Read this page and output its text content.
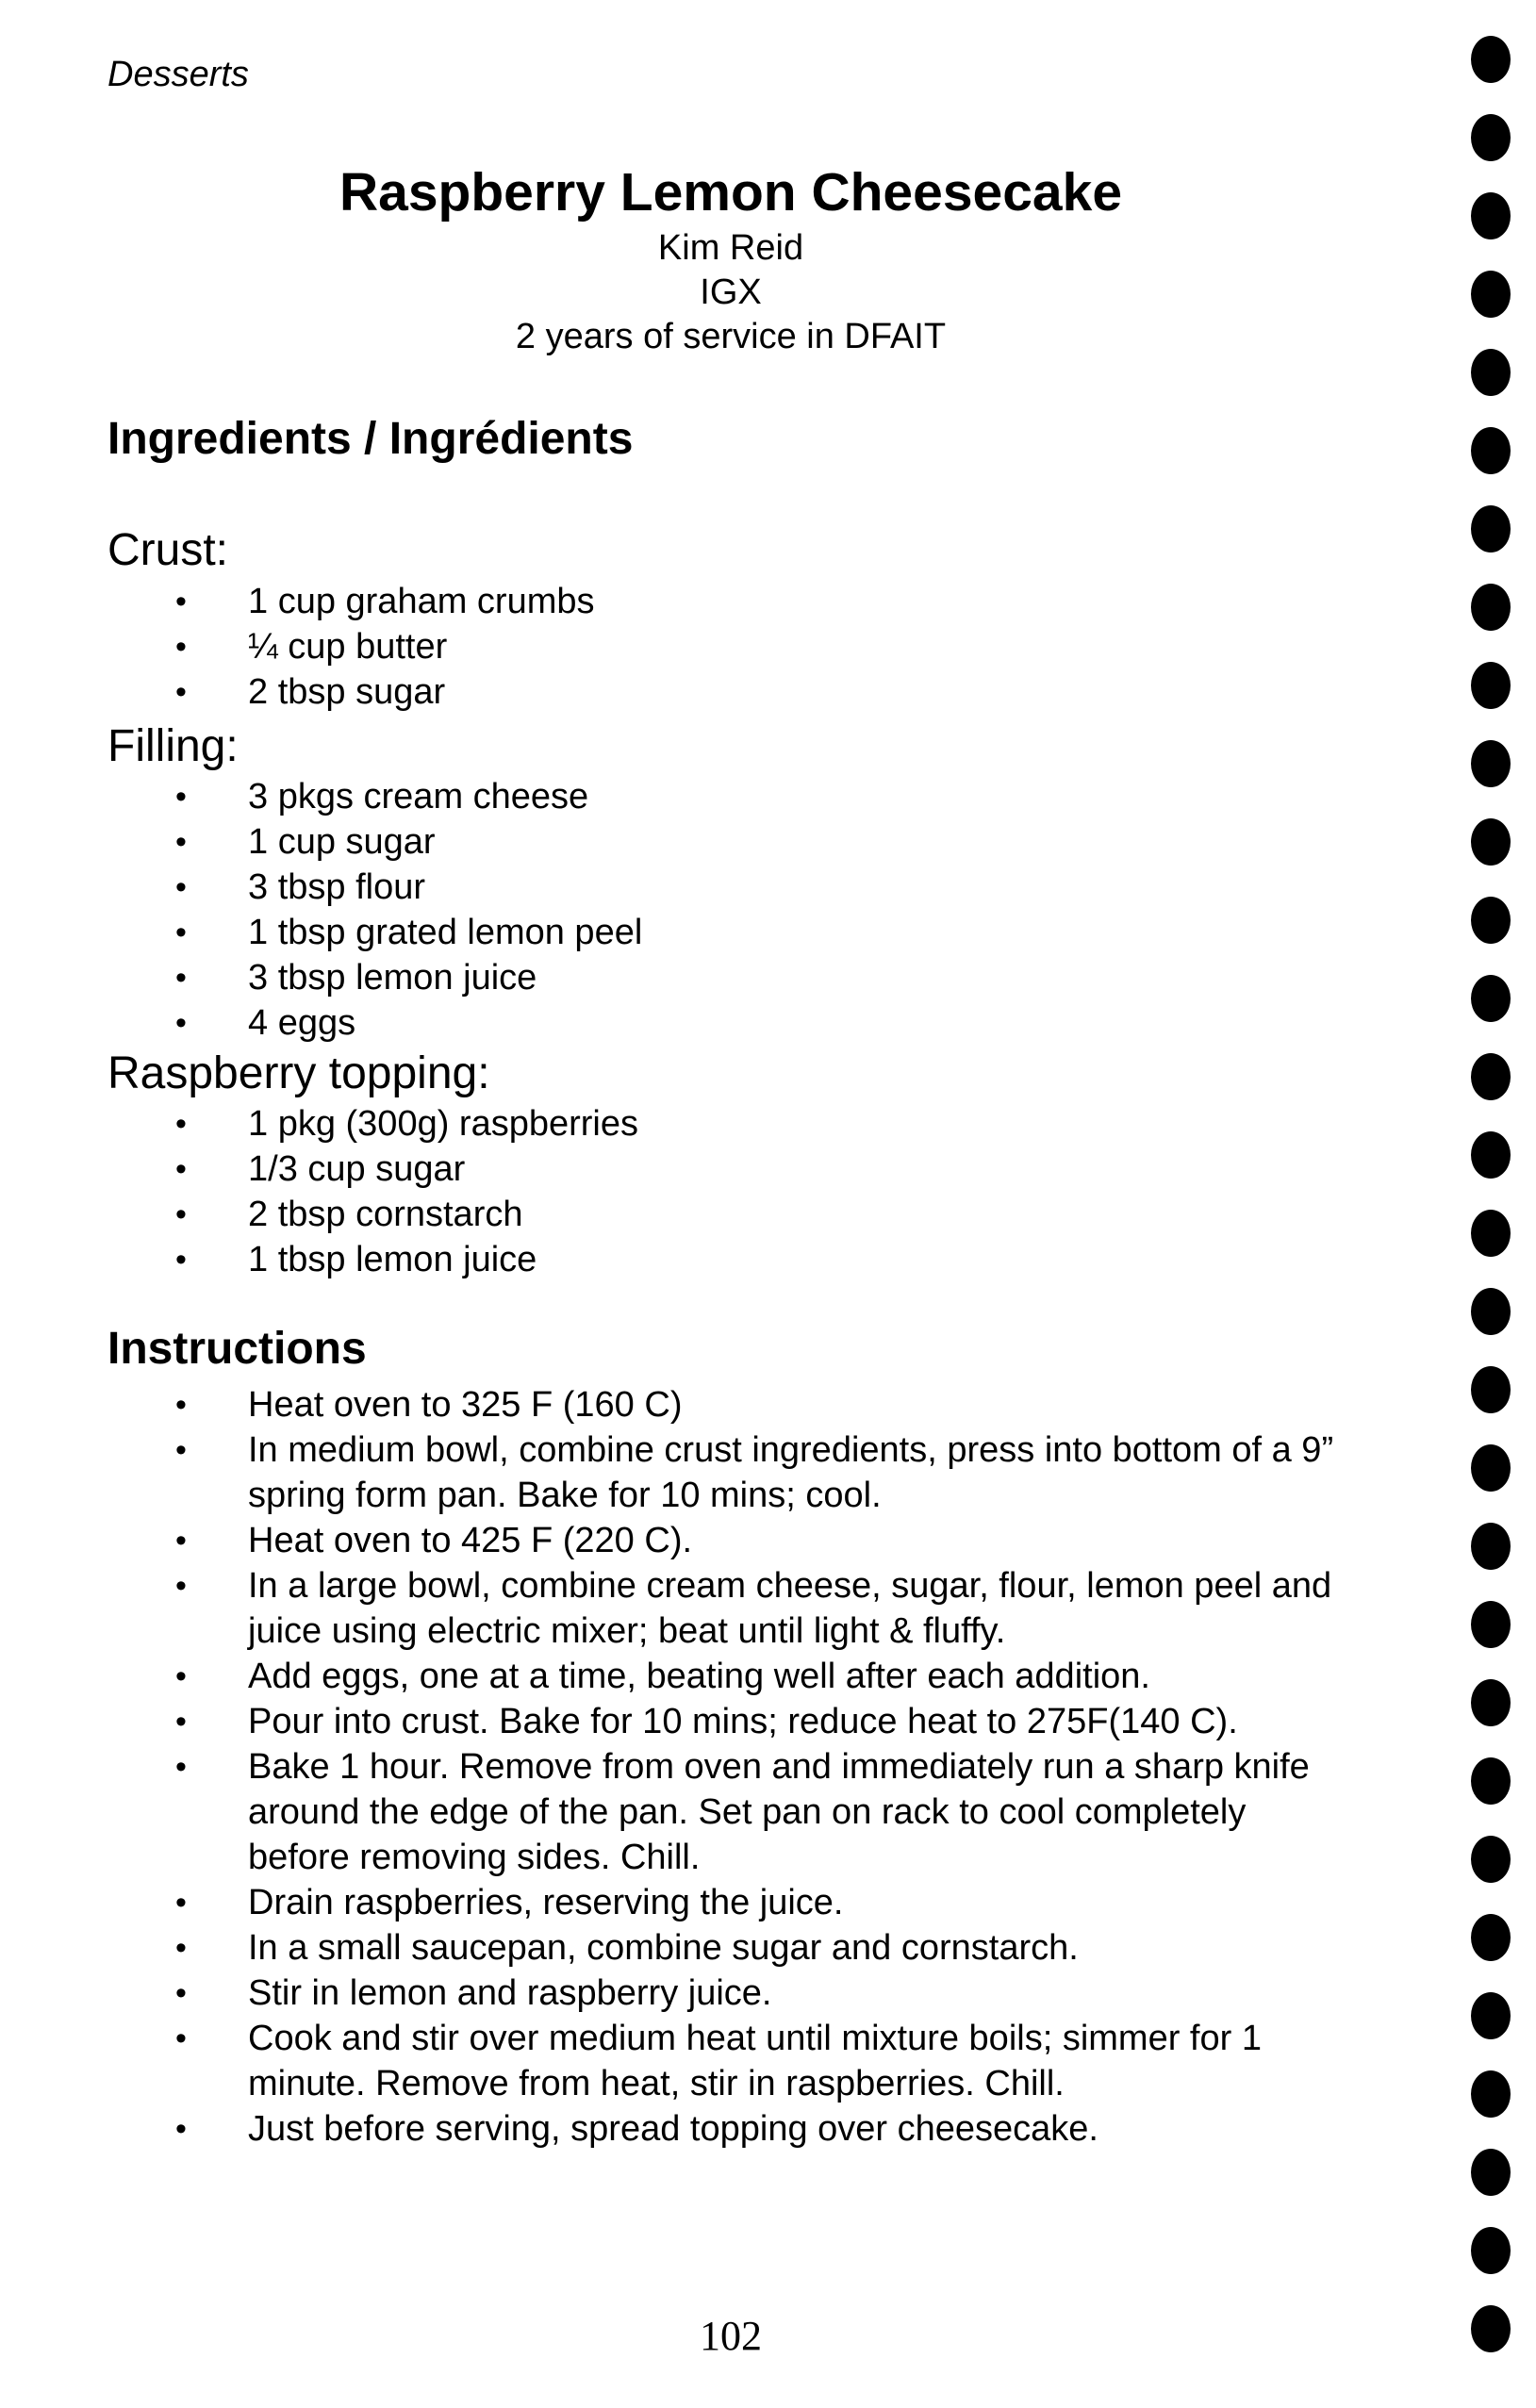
Desserts
Raspberry Lemon Cheesecake
Kim Reid
IGX
2 years of service in DFAIT
Ingredients / Ingrédients
Crust:
• 1 cup graham crumbs
• ¼ cup butter
• 2 tbsp sugar
Filling:
• 3 pkgs cream cheese
• 1 cup sugar
• 3 tbsp flour
• 1 tbsp grated lemon peel
• 3 tbsp lemon juice
• 4 eggs
Raspberry topping:
• 1 pkg (300g) raspberries
• 1/3 cup sugar
• 2 tbsp cornstarch
• 1 tbsp lemon juice
Instructions
• Heat oven to 325 F (160 C)
• In medium bowl, combine crust ingredients, press into bottom of a 9” spring form pan. Bake for 10 mins; cool.
• Heat oven to 425 F (220 C).
• In a large bowl, combine cream cheese, sugar, flour, lemon peel and juice using electric mixer; beat until light & fluffy.
• Add eggs, one at a time, beating well after each addition.
• Pour into crust. Bake for 10 mins; reduce heat to 275F(140 C).
• Bake 1 hour. Remove from oven and immediately run a sharp knife around the edge of the pan. Set pan on rack to cool completely before removing sides. Chill.
• Drain raspberries, reserving the juice.
• In a small saucepan, combine sugar and cornstarch.
• Stir in lemon and raspberry juice.
• Cook and stir over medium heat until mixture boils; simmer for 1 minute. Remove from heat, stir in raspberries. Chill.
• Just before serving, spread topping over cheesecake.
102
